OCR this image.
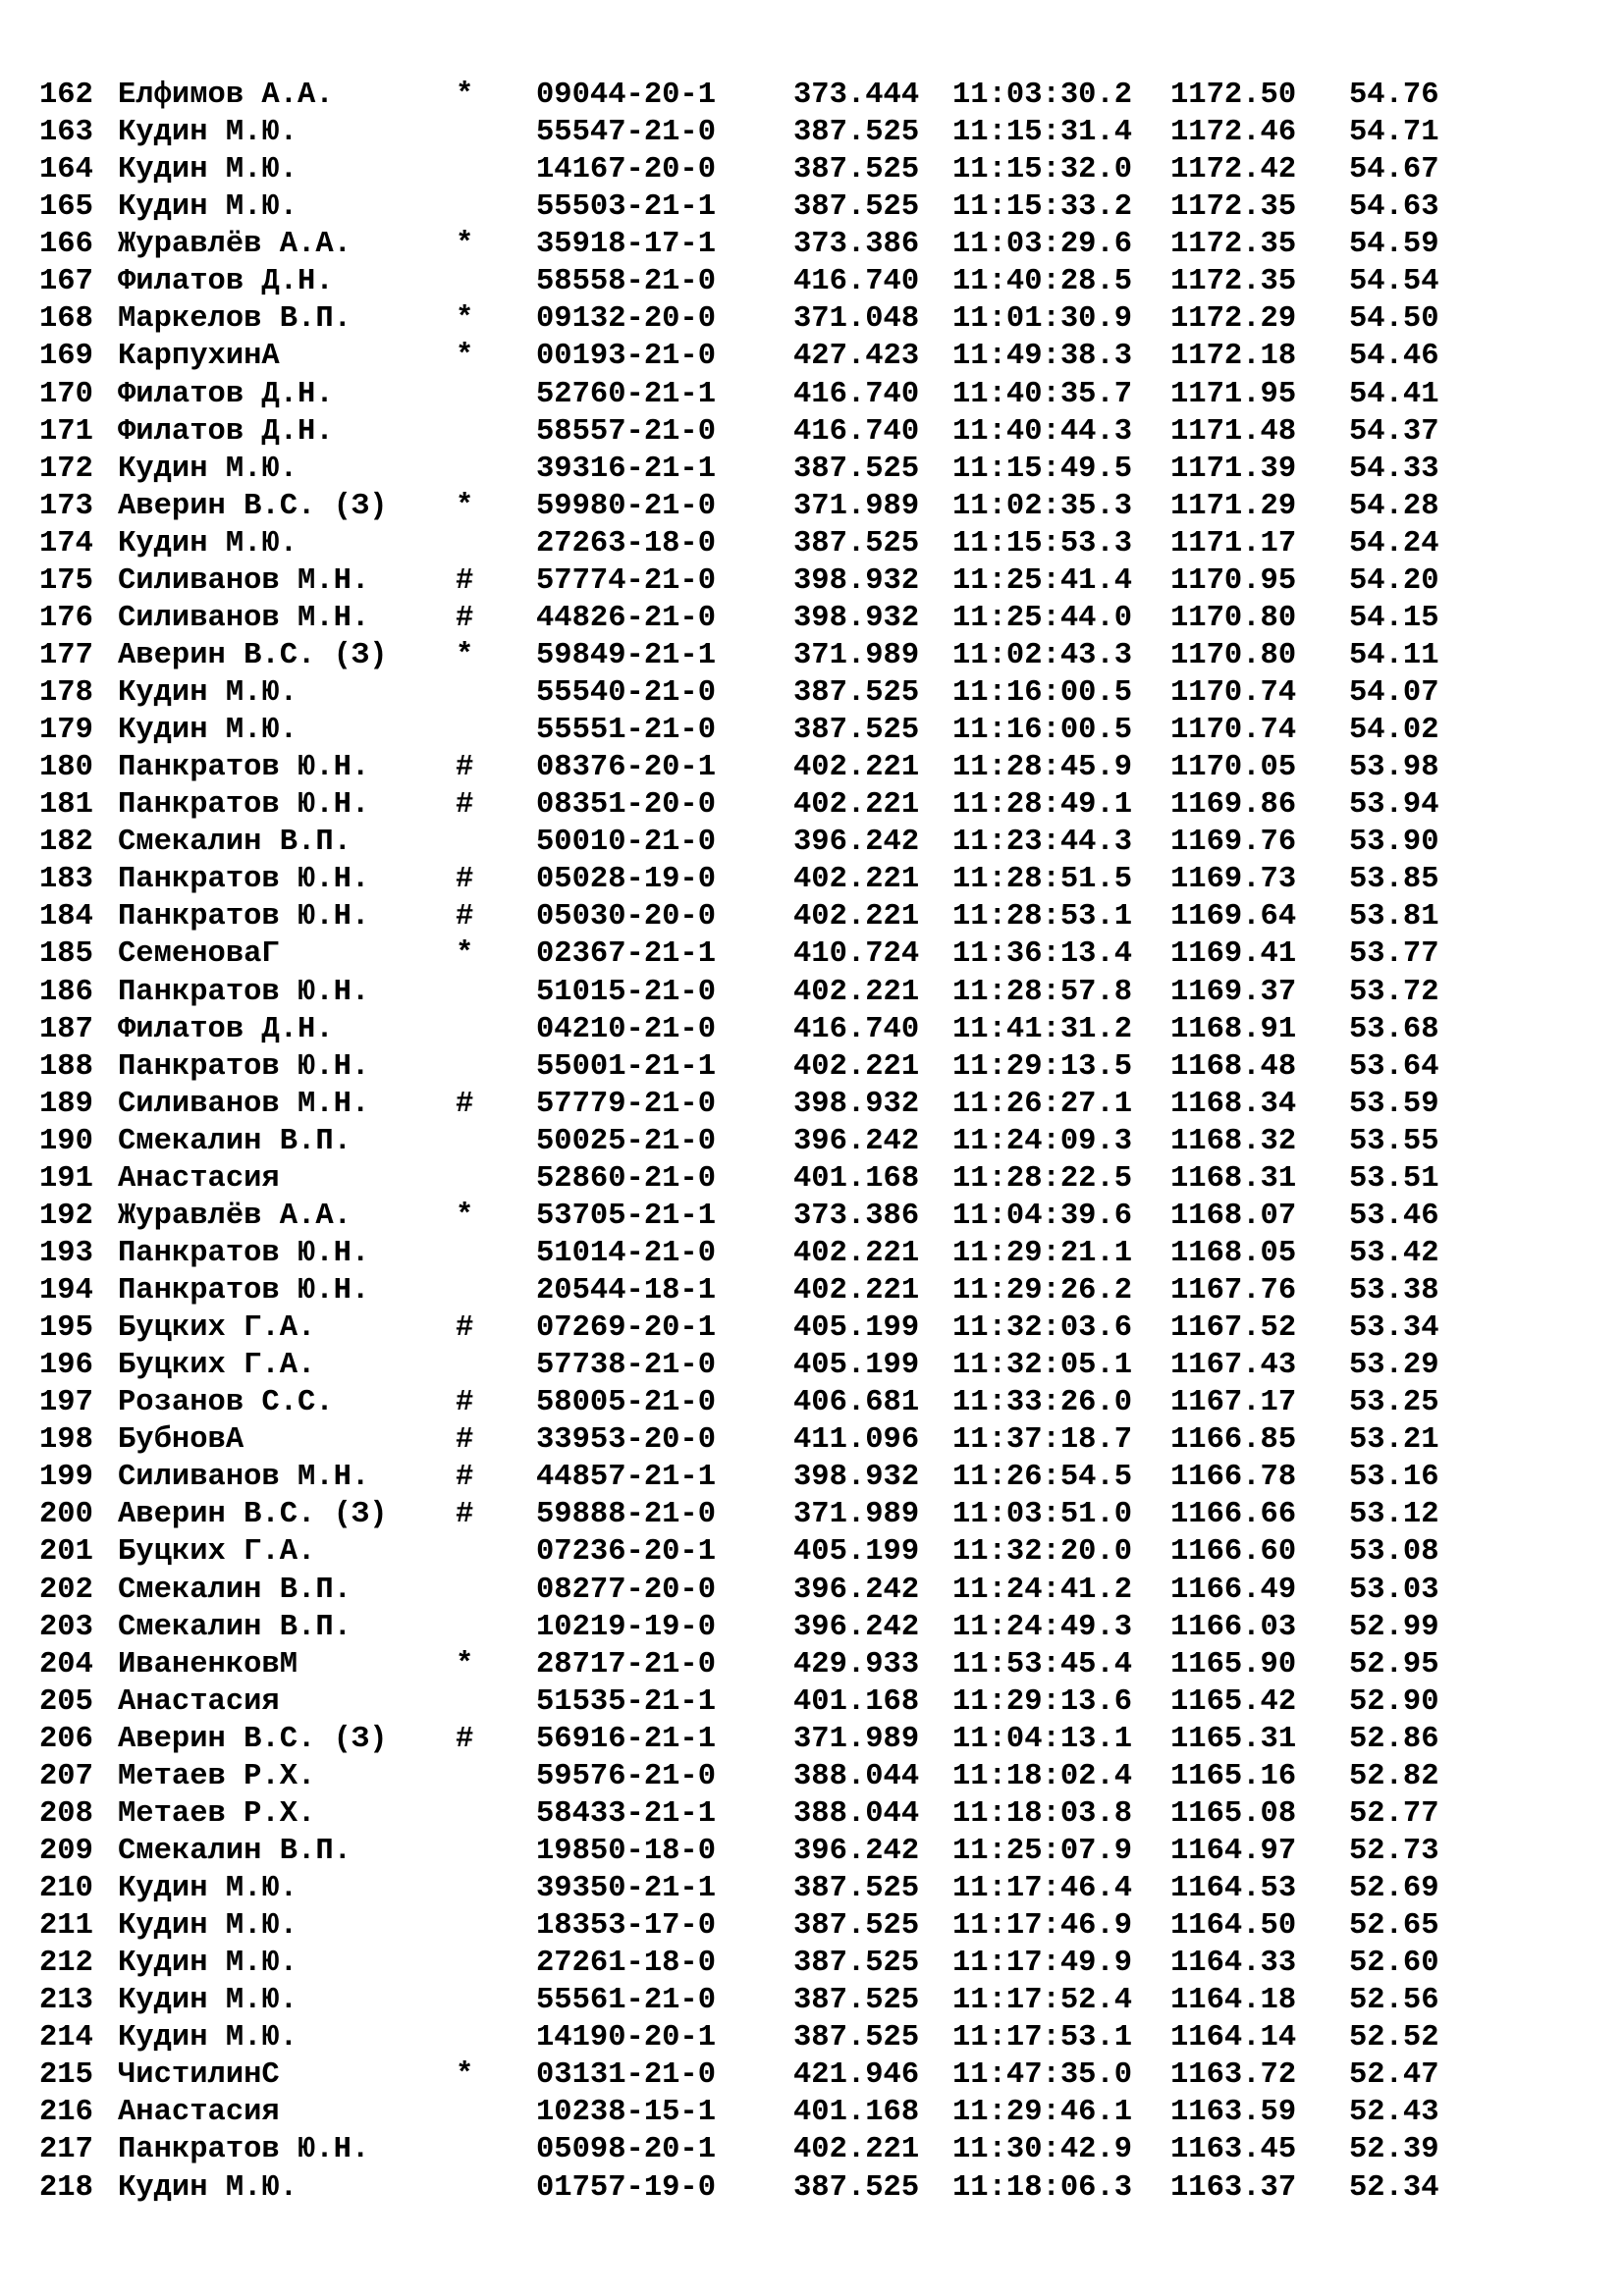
162 Елфимов А.А.	* 09044-20-1	373.444 11:03:30.2 1172.50 54.76
163 Кудин М.Ю.	55547-21-0	387.525 11:15:31.4 1172.46 54.71
164 Кудин М.Ю.	14167-20-0	387.525 11:15:32.0 1172.42 54.67
165 Кудин М.Ю.	55503-21-1	387.525 11:15:33.2 1172.35 54.63
166 Журавлёв А.А.	* 35918-17-1	373.386 11:03:29.6 1172.35 54.59
167 Филатов Д.Н.	58558-21-0	416.740 11:40:28.5 1172.35 54.54
168 Маркелов В.П.	* 09132-20-0	371.048 11:01:30.9 1172.29 54.50
169 КарпухинА	* 00193-21-0	427.423 11:49:38.3 1172.18 54.46
170 Филатов Д.Н.	52760-21-1	416.740 11:40:35.7 1171.95 54.41
171 Филатов Д.Н.	58557-21-0	416.740 11:40:44.3 1171.48 54.37
172 Кудин М.Ю.	39316-21-1	387.525 11:15:49.5 1171.39 54.33
173 Аверин В.С. (З) * 59980-21-0	371.989 11:02:35.3 1171.29 54.28
174 Кудин М.Ю.	27263-18-0	387.525 11:15:53.3 1171.17 54.24
175 Силиванов М.Н.	# 57774-21-0	398.932 11:25:41.4 1170.95 54.20
176 Силиванов М.Н.	# 44826-21-0	398.932 11:25:44.0 1170.80 54.15
177 Аверин В.С. (З) * 59849-21-1	371.989 11:02:43.3 1170.80 54.11
178 Кудин М.Ю.	55540-21-0	387.525 11:16:00.5 1170.74 54.07
179 Кудин М.Ю.	55551-21-0	387.525 11:16:00.5 1170.74 54.02
180 Панкратов Ю.Н.	# 08376-20-1	402.221 11:28:45.9 1170.05 53.98
181 Панкратов Ю.Н.	# 08351-20-0	402.221 11:28:49.1 1169.86 53.94
182 Смекалин В.П.	50010-21-0	396.242 11:23:44.3 1169.76 53.90
183 Панкратов Ю.Н.	# 05028-19-0	402.221 11:28:51.5 1169.73 53.85
184 Панкратов Ю.Н.	# 05030-20-0	402.221 11:28:53.1 1169.64 53.81
185 СеменоваГ	* 02367-21-1	410.724 11:36:13.4 1169.41 53.77
186 Панкратов Ю.Н.	51015-21-0	402.221 11:28:57.8 1169.37 53.72
187 Филатов Д.Н.	04210-21-0	416.740 11:41:31.2 1168.91 53.68
188 Панкратов Ю.Н.	55001-21-1	402.221 11:29:13.5 1168.48 53.64
189 Силиванов М.Н.	# 57779-21-0	398.932 11:26:27.1 1168.34 53.59
190 Смекалин В.П.	50025-21-0	396.242 11:24:09.3 1168.32 53.55
191 Анастасия	52860-21-0	401.168 11:28:22.5 1168.31 53.51
192 Журавлёв А.А.	* 53705-21-1	373.386 11:04:39.6 1168.07 53.46
193 Панкратов Ю.Н.	51014-21-0	402.221 11:29:21.1 1168.05 53.42
194 Панкратов Ю.Н.	20544-18-1	402.221 11:29:26.2 1167.76 53.38
195 Буцких Г.А.	# 07269-20-1	405.199 11:32:03.6 1167.52 53.34
196 Буцких Г.А.	57738-21-0	405.199 11:32:05.1 1167.43 53.29
197 Розанов С.С.	# 58005-21-0	406.681 11:33:26.0 1167.17 53.25
198 БубновА	# 33953-20-0	411.096 11:37:18.7 1166.85 53.21
199 Силиванов М.Н.	# 44857-21-1	398.932 11:26:54.5 1166.78 53.16
200 Аверин В.С. (З) # 59888-21-0	371.989 11:03:51.0 1166.66 53.12
201 Буцких Г.А.	07236-20-1	405.199 11:32:20.0 1166.60 53.08
202 Смекалин В.П.	08277-20-0	396.242 11:24:41.2 1166.49 53.03
203 Смекалин В.П.	10219-19-0	396.242 11:24:49.3 1166.03 52.99
204 ИваненковМ	* 28717-21-0	429.933 11:53:45.4 1165.90 52.95
205 Анастасия	51535-21-1	401.168 11:29:13.6 1165.42 52.90
206 Аверин В.С. (З) # 56916-21-1	371.989 11:04:13.1 1165.31 52.86
207 Метаев Р.Х.	59576-21-0	388.044 11:18:02.4 1165.16 52.82
208 Метаев Р.Х.	58433-21-1	388.044 11:18:03.8 1165.08 52.77
209 Смекалин В.П.	19850-18-0	396.242 11:25:07.9 1164.97 52.73
210 Кудин М.Ю.	39350-21-1	387.525 11:17:46.4 1164.53 52.69
211 Кудин М.Ю.	18353-17-0	387.525 11:17:46.9 1164.50 52.65
212 Кудин М.Ю.	27261-18-0	387.525 11:17:49.9 1164.33 52.60
213 Кудин М.Ю.	55561-21-0	387.525 11:17:52.4 1164.18 52.56
214 Кудин М.Ю.	14190-20-1	387.525 11:17:53.1 1164.14 52.52
215 ЧистилинС	* 03131-21-0	421.946 11:47:35.0 1163.72 52.47
216 Анастасия	10238-15-1	401.168 11:29:46.1 1163.59 52.43
217 Панкратов Ю.Н.	05098-20-1	402.221 11:30:42.9 1163.45 52.39
218 Кудин М.Ю.	01757-19-0	387.525 11:18:06.3 1163.37 52.34
